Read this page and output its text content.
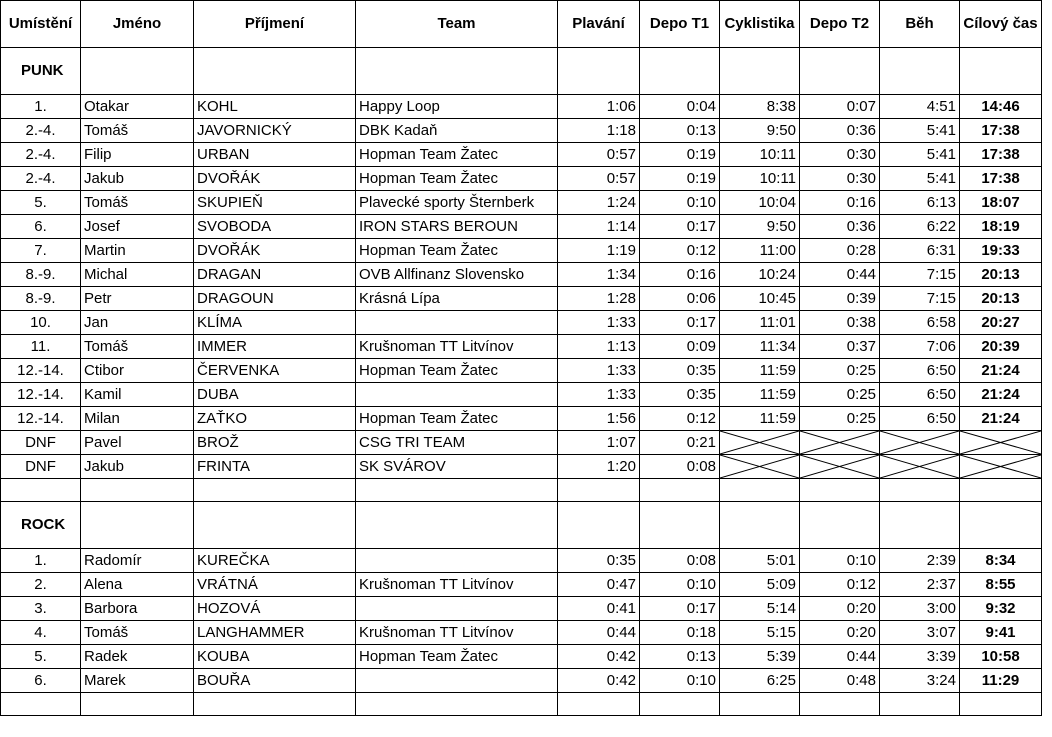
Umístění	Jméno	Příjmení	Team	Plavání	Depo T1	Cyklistika	Depo T2	Běh	Cílový čas
PUNK									
1.	Otakar	KOHL	Happy Loop	1:06	0:04	8:38	0:07	4:51	14:46
2.-4.	Tomáš	JAVORNICKÝ	DBK Kadaň	1:18	0:13	9:50	0:36	5:41	17:38
2.-4.	Filip	URBAN	Hopman Team Žatec	0:57	0:19	10:11	0:30	5:41	17:38
2.-4.	Jakub	DVOŘÁK	Hopman Team Žatec	0:57	0:19	10:11	0:30	5:41	17:38
5.	Tomáš	SKUPIEŇ	Plavecké sporty Šternberk	1:24	0:10	10:04	0:16	6:13	18:07
6.	Josef	SVOBODA	IRON STARS BEROUN	1:14	0:17	9:50	0:36	6:22	18:19
7.	Martin	DVOŘÁK	Hopman Team Žatec	1:19	0:12	11:00	0:28	6:31	19:33
8.-9.	Michal	DRAGAN	OVB Allfinanz Slovensko	1:34	0:16	10:24	0:44	7:15	20:13
8.-9.	Petr	DRAGOUN	Krásná Lípa	1:28	0:06	10:45	0:39	7:15	20:13
10.	Jan	KLÍMA		1:33	0:17	11:01	0:38	6:58	20:27
11.	Tomáš	IMMER	Krušnoman TT Litvínov	1:13	0:09	11:34	0:37	7:06	20:39
12.-14.	Ctibor	ČERVENKA	Hopman Team Žatec	1:33	0:35	11:59	0:25	6:50	21:24
12.-14.	Kamil	DUBA		1:33	0:35	11:59	0:25	6:50	21:24
12.-14.	Milan	ZAŤKO	Hopman Team Žatec	1:56	0:12	11:59	0:25	6:50	21:24
DNF	Pavel	BROŽ	CSG TRI TEAM	1:07	0:21	

DNF	Jakub	FRINTA	SK SVÁROV	1:20	0:08	

ROCK									
1.	Radomír	KUREČKA		0:35	0:08	5:01	0:10	2:39	8:34
2.	Alena	VRÁTNÁ	Krušnoman TT Litvínov	0:47	0:10	5:09	0:12	2:37	8:55
3.	Barbora	HOZOVÁ		0:41	0:17	5:14	0:20	3:00	9:32
4.	Tomáš	LANGHAMMER	Krušnoman TT Litvínov	0:44	0:18	5:15	0:20	3:07	9:41
5.	Radek	KOUBA	Hopman Team Žatec	0:42	0:13	5:39	0:44	3:39	10:58
6.	Marek	BOUŘA		0:42	0:10	6:25	0:48	3:24	11:29
